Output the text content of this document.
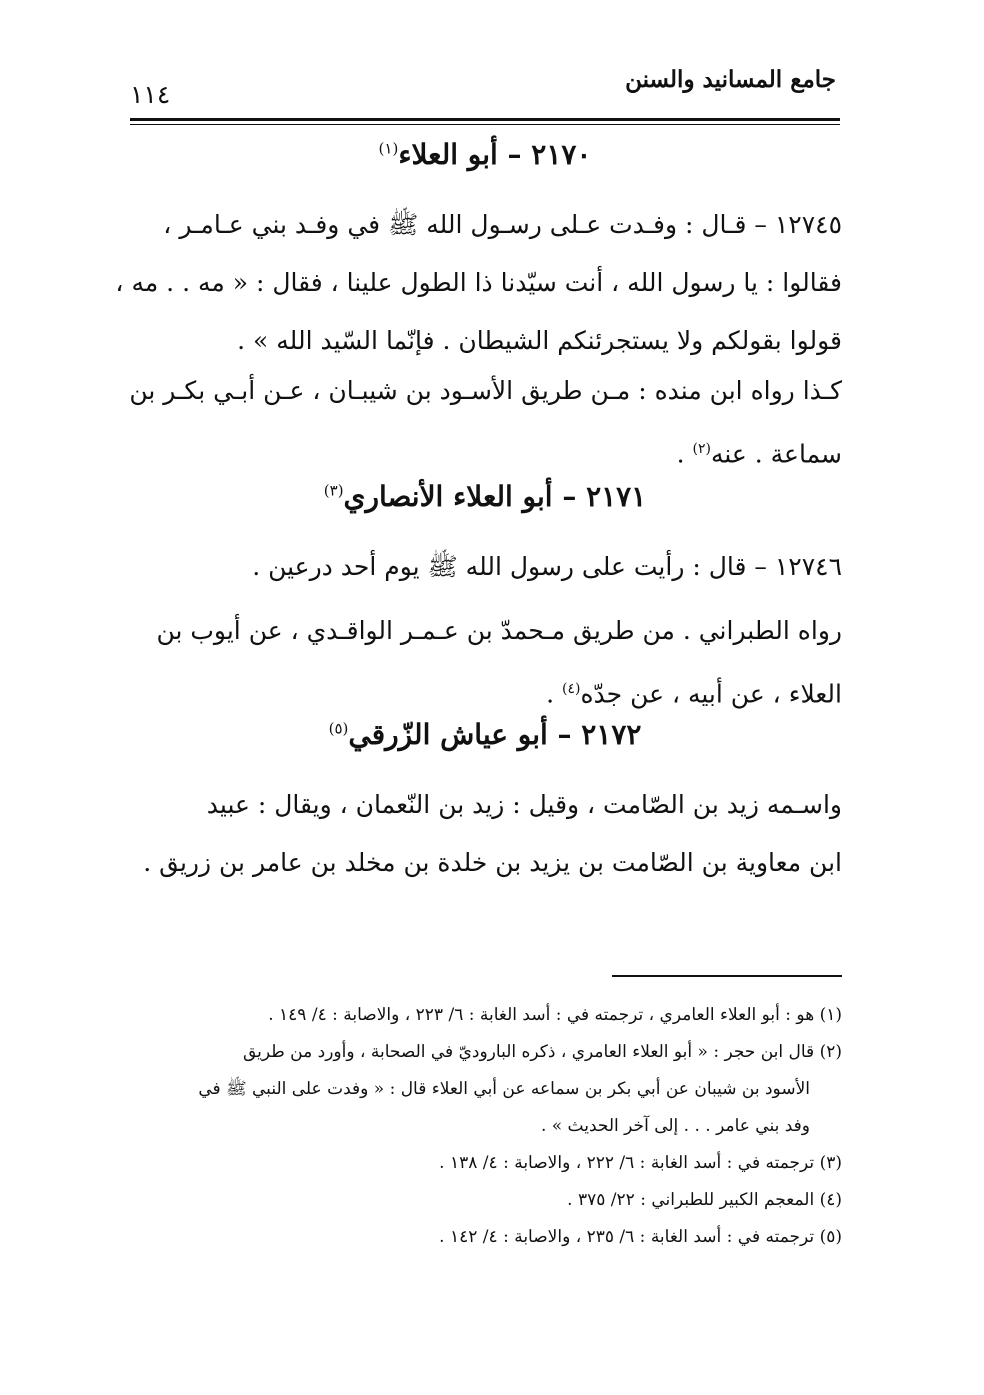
جامع المسانيد والسنن
١١٤
٢١٧٠ – أبو العلاء$^{(١)}$
١٢٧٤٥ – قـال : وفـدت عـلى رسـول الله ﷺ في وفـد بني عـامـر ،
فقالوا : يا رسول الله ، أنت سيّدنا ذا الطول علينا ، فقال : « مه . . مه ،
قولوا بقولكم ولا يستجرئنكم الشيطان . فإنّما السّيد الله » .
كـذا رواه ابن منده : مـن طريق الأسـود بن شيبـان ، عـن أبـي بكـر بن
سماعة . عنه$^{(٢)}$ .
٢١٧١ – أبو العلاء الأنصاري$^{(٣)}$
١٢٧٤٦ – قال : رأيت على رسول الله ﷺ يوم أحد درعين .
رواه الطبراني . من طريق مـحمدّ بن عـمـر الواقـدي ، عن أيوب بن
العلاء ، عن أبيه ، عن جدّه$^{(٤)}$ .
٢١٧٢ – أبو عياش الزّرقي$^{(٥)}$
واسـمه زيد بن الصّامت ، وقيل : زيد بن النّعمان ، ويقال : عبيد
ابن معاوية بن الصّامت بن يزيد بن خلدة بن مخلد بن عامر بن زريق .
(١) هو : أبو العلاء العامري ، ترجمته في : أسد الغابة : ٦/ ٢٢٣ ، والاصابة : ٤/ ١٤٩ .
(٢) قال ابن حجر : « أبو العلاء العامري ، ذكره الباروديّ في الصحابة ، وأورد من طريق
الأسود بن شيبان عن أبي بكر بن سماعه عن أبي العلاء قال : « وفدت على النبي ﷺ في
وفد بني عامر . . . إلى آخر الحديث » .
(٣) ترجمته في : أسد الغابة : ٦/ ٢٢٢ ، والاصابة : ٤/ ١٣٨ .
(٤) المعجم الكبير للطبراني : ٢٢/ ٣٧٥ .
(٥) ترجمته في : أسد الغابة : ٦/ ٢٣٥ ، والاصابة : ٤/ ١٤٢ .
